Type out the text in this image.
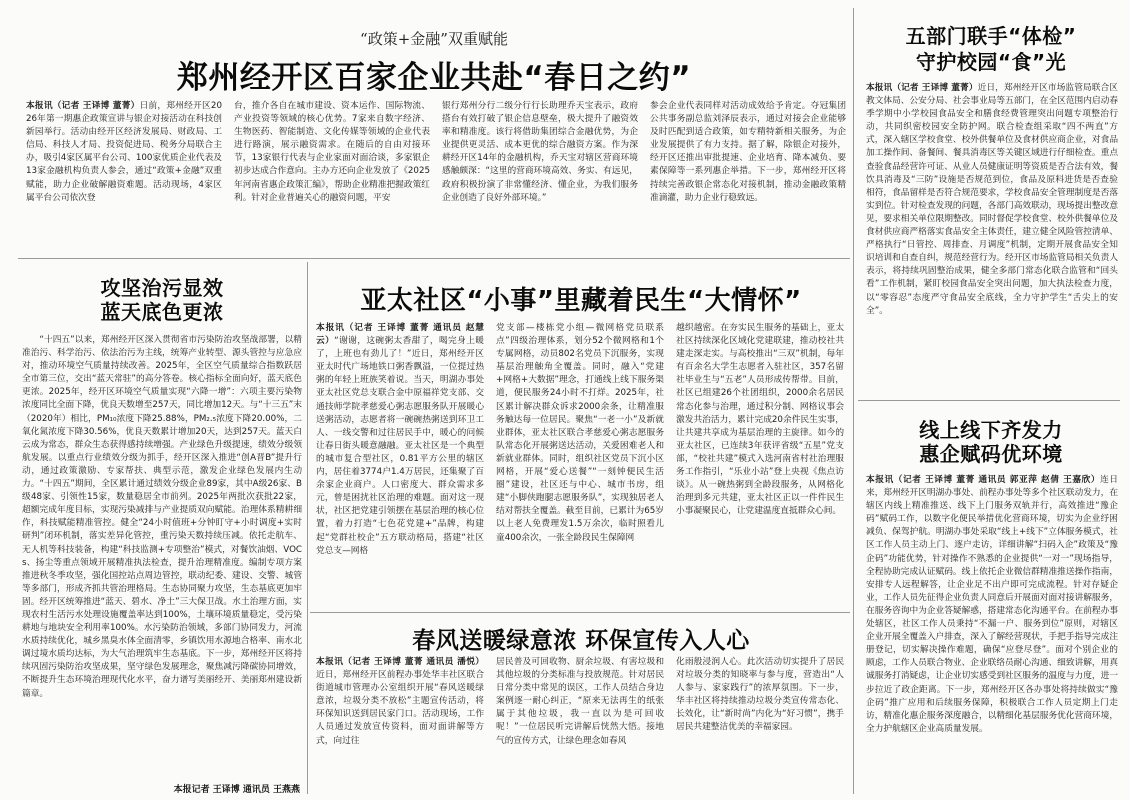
“政策+金融”双重赋能

郑州经开区百家企业共赴“春日之约”

本报讯（记者 王译博 董菁）日前，郑州经开区2026年第一期惠企政策宣讲与银企对接活动在科技创新园举行。活动由经开区经济发展局、财政局、工信局、科技人才局、投资促进局、税务分局联合主办，吸引4家区属平台公司、100家优质企业代表及13家金融机构负责人参会，通过“政策+金融”双重赋能，助力企业破解融资难题。活动现场，4家区属平台公司依次登

台，推介各自在城市建设、资本运作、国际物流、产业投资等领域的核心优势。7家来自数字经济、生物医药、智能制造、文化传媒等领域的企业代表进行路演，展示融资需求。在随后的自由对接环节，13家银行代表与企业家面对面洽谈，多家银企初步达成合作意向。主办方还向企业发放了《2025年河南省惠企政策汇编》，帮助企业精准把握政策红利。针对企业普遍关心的融资问题，平安

银行郑州分行二级分行行长助理乔天宝表示，政府搭台有效打破了银企信息壁垒，极大提升了融资效率和精准度。该行将借助集团综合金融优势，为企业提供更灵活、成本更优的综合融资方案。作为深耕经开区14年的金融机构，乔天宝对辖区营商环境感触颇深：“这里的营商环境高效、务实、有远见，政府积极扮演了非常懂经济、懂企业，为我们服务企业创造了良好外部环境。”

参会企业代表同样对活动成效给予肯定。夺冠集团公共事务副总监刘泽辰表示，通过对接会企业能够及时匹配到适合政策，如专精特新相关服务，为企业发展提供了有力支持。据了解，除银企对接外，经开区还推出审批提速、企业培育、降本减负、要素保障等一系列惠企举措。下一步，郑州经开区将持续完善政银企常态化对接机制，推动金融政策精准滴灌，助力企业行稳致远。

五部门联手“体检”
守护校园“食”光

本报讯（记者 王译博 董菁）近日，郑州经开区市场监管局联合区教文体局、公安分局、社会事业局等五部门，在全区范围内启动春季学期中小学校园食品安全和膳食经费管理突出问题专项整治行动，共同织密校园安全防护网。联合检查组采取“四不两直”方式，深入辖区学校食堂、校外供餐单位及食材供应商企业，对食品加工操作间、备餐间、餐具消毒区等关键区域进行仔细检查。重点查验食品经营许可证、从业人员健康证明等资质是否合法有效，餐饮具消毒及“三防”设施是否规范到位，食品及原料进货是否查验相符，食品留样是否符合规范要求，学校食品安全管理制度是否落实到位。针对检查发现的问题，各部门高效联动，现场提出整改意见，要求相关单位限期整改。同时督促学校食堂、校外供餐单位及食材供应商严格落实食品安全主体责任，建立健全风险管控清单、严格执行“日管控、周排查、月调度”机制，定期开展食品安全知识培训和自查自纠，规范经营行为。经开区市场监管局相关负责人表示，将持续巩固整治成果，健全多部门常态化联合监管和“回头看”工作机制，紧盯校园食品安全突出问题，加大执法检查力度，以“零容忍”态度严守食品安全底线，全力守护学生“舌尖上的安全”。

攻坚治污显效
蓝天底色更浓

“十四五”以来，郑州经开区深入贯彻省市污染防治攻坚战部署，以精准治污、科学治污、依法治污为主线，统筹产业转型、源头管控与应急应对，推动环境空气质量持续改善。2025年，全区空气质量综合指数跃居全市第三位，交出“蓝天常驻”的高分答卷。核心指标全面向好，蓝天底色更浓。2025年，经开区环境空气质量实现“六降一增”：六项主要污染物浓度同比全面下降，优良天数增至257天，同比增加12天。与“十三五”末（2020年）相比，PM₁₀浓度下降25.88%，PM₂.₅浓度下降20.00%，二氧化氮浓度下降30.56%，优良天数累计增加20天，达到257天。蓝天白云成为常态，群众生态获得感持续增强。产业绿色升级提速，绩效分级领航发展。以重点行业绩效分级为抓手，经开区深入推进“创A晋B”提升行动，通过政策激励、专家帮扶、典型示范，激发企业绿色发展内生动力。“十四五”期间，全区累计通过绩效分级企业89家，其中A级26家、B级48家、引领性15家，数量稳居全市前列。2025年两批次获批22家，超额完成年度目标，实现污染减排与产业提质双向赋能。治理体系精耕细作，科技赋能精准管控。健全“24小时值班+分钟盯守+小时调度+实时研判”闭环机制，落实差异化管控，重污染天数持续压减。依托走航车、无人机等科技装备，构建“科技监测+专项整治”模式，对餐饮油烟、VOCs、扬尘等重点领域开展精准执法检查，提升治理精准度。编制专项方案推进秋冬季攻坚，强化国控站点周边管控，联动纪委、建设、交警、城管等多部门，形成齐抓共管治理格局。生态协同聚力攻坚，生态基底更加牢固。经开区统筹推进“蓝天、碧水、净土”三大保卫战。水土治理方面，实现农村生活污水处理设施覆盖率达到100%，土壤环境质量稳定，受污染耕地与地块安全利用率100%。水污染防治领域，多部门协同发力，河流水质持续优化，城乡黑臭水体全面清零，乡镇饮用水源地合格率、南水北调过境水质均达标，为大气治理筑牢生态基底。下一步，郑州经开区将持续巩固污染防治攻坚成果，坚守绿色发展理念，聚焦减污降碳协同增效，不断提升生态环境治理现代化水平，奋力谱写美丽经开、美丽郑州建设新篇章。

本报记者 王译博 通讯员 王燕燕
亚太社区“小事”里藏着民生“大情怀”

本报讯（记者 王译博 董菁 通讯员 赵慧云）“谢谢，这碗粥太香甜了，喝完身上暖了，上班也有劲儿了！”近日，郑州经开区亚太时代广场地铁口粥香飘溢，一位提过热粥的年轻上班族笑着说。当天，明湖办事处亚太社区党总支联合金中原福祥党支部、交通技师学院孝慈爱心粥志愿服务队开展暖心送粥活动，志愿者将一碗碗热粥送到环卫工人、一线交警和过往居民手中，暖心的问候让春日街头暖意融融。亚太社区是一个典型的城市复合型社区，0.81平方公里的辖区内，居住着3774户1.4万居民，还集聚了百余家企业商户。人口密度大、群众需求多元，曾是困扰社区治理的难题。面对这一现状，社区把党建引领摆在基层治理的核心位置，着力打造“七色花党建+”品牌，构建起“党群社校企”五方联动格局，搭建“社区党总支—网格

党支部—楼栋党小组—微网格党员联系点”四级治理体系，划分52个微网格和1个专属网格，动员802名党员下沉服务，实现基层治理触角全覆盖。同时，融入“党建+网格+大数据”理念，打通线上线下服务渠道，便民服务24小时不打烊。2025年，社区累计解决群众诉求2000余条，让精准服务触达每一位居民。聚焦“一老一小”及新就业群体，亚太社区联合孝慈爱心粥志愿服务队常态化开展粥送达活动，关爱困难老人和新就业群体。同时，组织社区党员下沉小区网格，开展“爱心送餐”“一刻钟便民生活圈”建设，社区还与中心、城市书房，组建“小脚侠跑腿志愿服务队”，实现独居老人结对帮扶全覆盖。截至目前，已累计为65岁以上老人免费理发1.5万余次，临时照看儿童400余次，一张全龄段民生保障网

越织越密。在夯实民生服务的基础上，亚太社区持续深化区域化党建联建，推动校社共建走深走实。与高校推出“三双”机制，每年有百余名大学生志愿者入驻社区，357名留社毕业生与“五老”人员形成传帮带。目前，社区已组建26个社团组织，2000余名居民常态化参与治理，通过积分制、网格议事会激发共治活力，累计完成20余件民生实事，让共建共享成为基层治理的主旋律。如今的亚太社区，已连续3年获评省级“五星”党支部，“校社共建”模式入选河南省村社治理服务工作指引，“乐业小站”登上央视《焦点访谈》。从一碗热粥到全龄段服务，从网格化治理到多元共建，亚太社区正以一件件民生小事凝聚民心，让党建温度直抵群众心间。

线上线下齐发力
惠企赋码优环境

本报讯（记者 王译博 董菁 通讯员 郭亚萍 赵倩 王嘉欣）连日来，郑州经开区明湖办事处、前程办事处等多个社区联动发力，在辖区内线上精准推送、线下上门服务双轨并行，高效推进“豫企码”赋码工作，以数字化便民举措优化营商环境，切实为企业纾困减负、保驾护航。明湖办事处采取“线上+线下”立体服务模式，社区工作人员主动上门、逐户走访，详细讲解“扫码入企”政策及“豫企码”功能优势，针对操作不熟悉的企业提供“一对一”现场指导，全程协助完成认证赋码。线上依托企业微信群精准推送操作指南，安排专人远程解答，让企业足不出户即可完成流程。针对存疑企业，工作人员先征得企业负责人同意后开展面对面对接讲解服务，在服务咨询中为企业答疑解惑，搭建常态化沟通平台。在前程办事处辖区，社区工作人员秉持“不漏一户、服务到位”原则，对辖区企业开展全覆盖入户排查，深入了解经营现状，手把手指导完成注册登记，切实解决操作难题，确保“应登尽登”。面对个别企业的顾虑，工作人员联合物业、企业联络员耐心沟通、细致讲解，用真诚服务打消疑虑，让企业切实感受到社区服务的温度与力度，进一步拉近了政企距离。下一步，郑州经开区各办事处将持续做实“豫企码”推广应用和后续服务保障，积极联合工作人员定期上门走访，精准化惠企服务深度融合，以精细化基层服务优化营商环境，全力护航辖区企业高质量发展。

春风送暖绿意浓 环保宣传入人心

本报讯（记者 王译博 董菁 通讯员 潘悦）近日，郑州经开区前程办事处华丰社区联合街道城市管理办公室组织开展“春风送暖绿意浓，垃圾分类不放松”主题宣传活动，将环保知识送到居民家门口。活动现场，工作人员通过发放宣传资料，面对面讲解等方式，向过往

居民普及可回收物、厨余垃圾、有害垃圾和其他垃圾的分类标准与投放规范。针对居民日常分类中常见的误区，工作人员结合身边案例逐一耐心纠正，“原来无法再生的纸张属于其他垃圾，我一直以为是可回收呢！”一位居民听完讲解后恍然大悟。接地气的宣传方式，让绿色理念如春风

化雨般浸润人心。此次活动切实提升了居民对垃圾分类的知晓率与参与度，营造出“人人参与、家家践行”的浓厚氛围。下一步，华丰社区将持续推动垃圾分类宣传常态化、长效化，让“新时尚”内化为“好习惯”，携手居民共建整洁优美的幸福家园。
